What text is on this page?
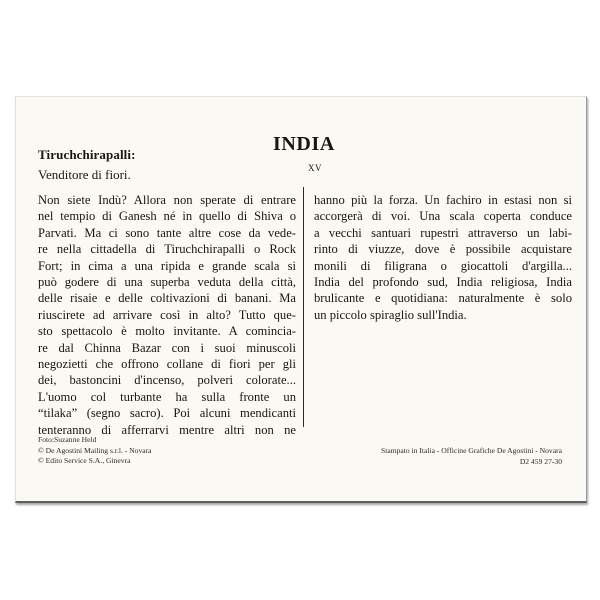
Tiruchchirapalli:
Venditore di fiori.
INDIA
XV
Non siete Indù? Allora non sperate di entrare
nel tempio di Ganesh né in quello di Shiva o
Parvati. Ma ci sono tante altre cose da vede-
re nella cittadella di Tiruchchirapalli o Rock
Fort; in cima a una ripida e grande scala si
può godere di una superba veduta della città,
delle risaie e delle coltivazioni di banani. Ma
riuscirete ad arrivare così in alto? Tutto que-
sto spettacolo è molto invitante. A comincia-
re dal Chinna Bazar con i suoi minuscoli
negozietti che offrono collane di fiori per gli
dei, bastoncini d'incenso, polveri colorate...
L'uomo col turbante ha sulla fronte un
“tilaka” (segno sacro). Poi alcuni mendicanti
tenteranno di afferrarvi mentre altri non ne
hanno più la forza. Un fachiro in estasi non si
accorgerà di voi. Una scala coperta conduce
a vecchi santuari rupestri attraverso un labi-
rinto di viuzze, dove è possibile acquistare
monili di filigrana o giocattoli d'argilla...
India del profondo sud, India religiosa, India
brulicante e quotidiana: naturalmente è solo
un piccolo spiraglio sull'India.
Foto:Suzanne Held
© De Agostini Mailing s.r.l. - Novara
© Edito Service S.A., Ginevra
Stampato in Italia - Officine Grafiche De Agostini - Novara
D2 459 27-30
